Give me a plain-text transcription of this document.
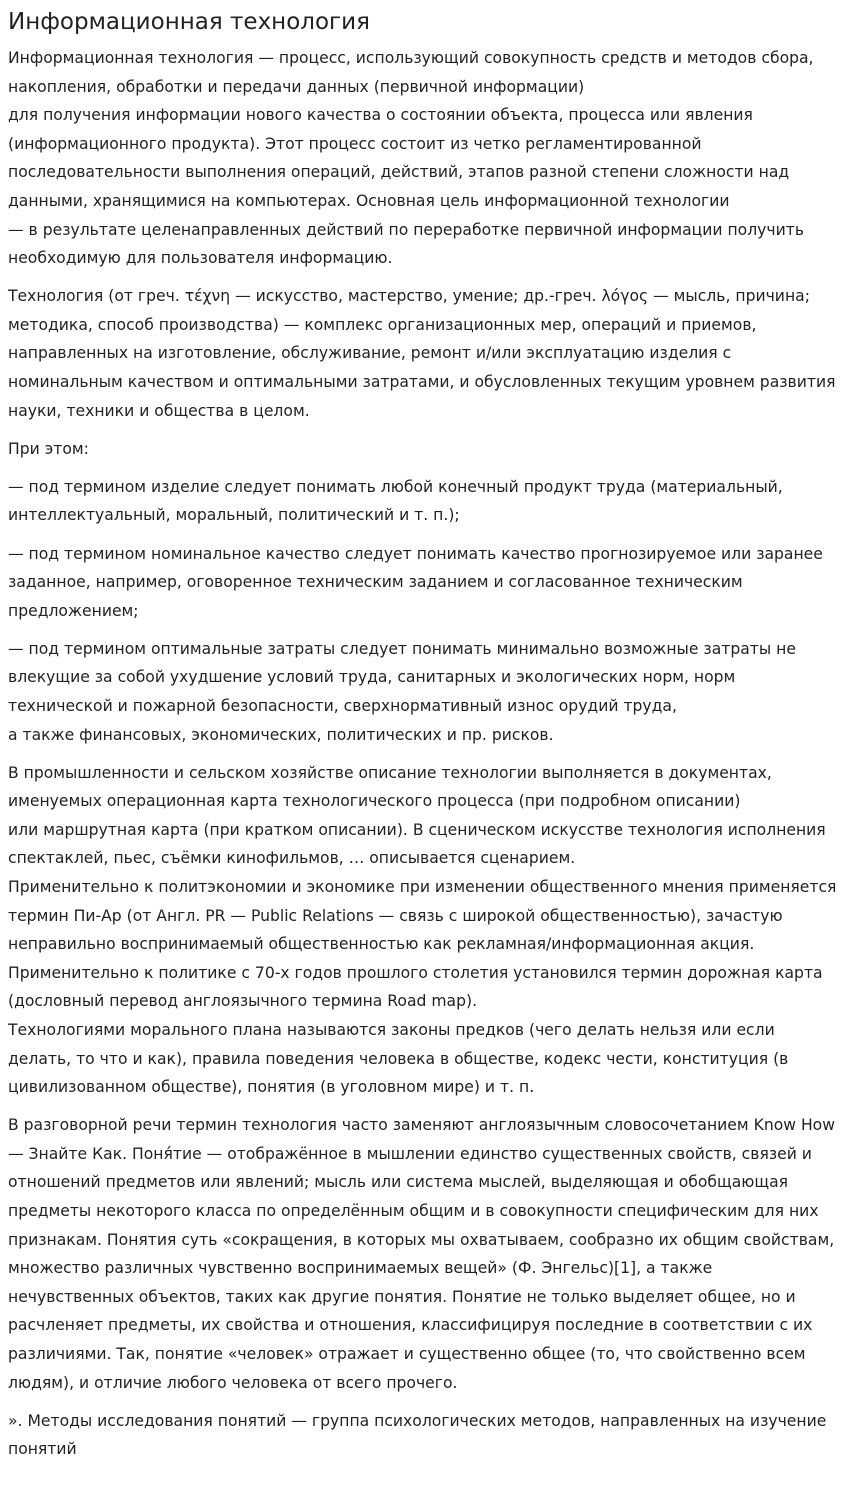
Информационная технология

Информационная технология — процесс, использующий совокупность средств и методов сбора, накопления, обработки и передачи данных (первичной информации)
для получения информации нового качества о состоянии объекта, процесса или явления (информационного продукта). Этот процесс состоит из четко регламентированной последовательности выполнения операций, действий, этапов разной степени сложности над данными, хранящимися на компьютерах. Основная цель информационной технологии
— в результате целенаправленных действий по переработке первичной информации получить необходимую для пользователя информацию.

Технология (от греч. τέχνη — искусство, мастерство, умение; др.-греч. λόγος — мысль, причина; методика, способ производства) — комплекс организационных мер, операций и приемов, направленных на изготовление, обслуживание, ремонт и/или эксплуатацию изделия с номинальным качеством и оптимальными затратами, и обусловленных текущим уровнем развития науки, техники и общества в целом.

При этом:

— под термином изделие следует понимать любой конечный продукт труда (материальный, интеллектуальный, моральный, политический и т. п.);

— под термином номинальное качество следует понимать качество прогнозируемое или заранее заданное, например, оговоренное техническим заданием и согласованное техническим предложением;

— под термином оптимальные затраты следует понимать минимально возможные затраты не влекущие за собой ухудшение условий труда, санитарных и экологических норм, норм технической и пожарной безопасности, сверхнормативный износ орудий труда,
а также финансовых, экономических, политических и пр. рисков.

В промышленности и сельском хозяйстве описание технологии выполняется в документах, именуемых операционная карта технологического процесса (при подробном описании)
или маршрутная карта (при кратком описании). В сценическом искусстве технология исполнения спектаклей, пьес, съёмки кинофильмов, … описывается сценарием.
Применительно к политэкономии и экономике при изменении общественного мнения применяется термин Пи-Ар (от Англ. PR — Public Relations — связь с широкой общественностью), зачастую неправильно воспринимаемый общественностью как рекламная/информационная акция. Применительно к политике с 70-х годов прошлого столетия установился термин дорожная карта (дословный перевод англоязычного термина Road map).
Технологиями морального плана называются законы предков (чего делать нельзя или если делать, то что и как), правила поведения человека в обществе, кодекс чести, конституция (в цивилизованном обществе), понятия (в уголовном мире) и т. п.

В разговорной речи термин технология часто заменяют англоязычным словосочетанием Know How — Знайте Как. Поня́тие — отображённое в мышлении единство существенных свойств, связей и отношений предметов или явлений; мысль или система мыслей, выделяющая и обобщающая предметы некоторого класса по определённым общим и в совокупности специфическим для них признакам. Понятия суть «сокращения, в которых мы охватываем, сообразно их общим свойствам, множество различных чувственно воспринимаемых вещей» (Ф. Энгельс)[1], а также нечувственных объектов, таких как другие понятия. Понятие не только выделяет общее, но и расчленяет предметы, их свойства и отношения, классифицируя последние в соответствии с их различиями. Так, понятие «человек» отражает и существенно общее (то, что свойственно всем людям), и отличие любого человека от всего прочего.

». Методы исследования понятий — группа психологических методов, направленных на изучение понятий
